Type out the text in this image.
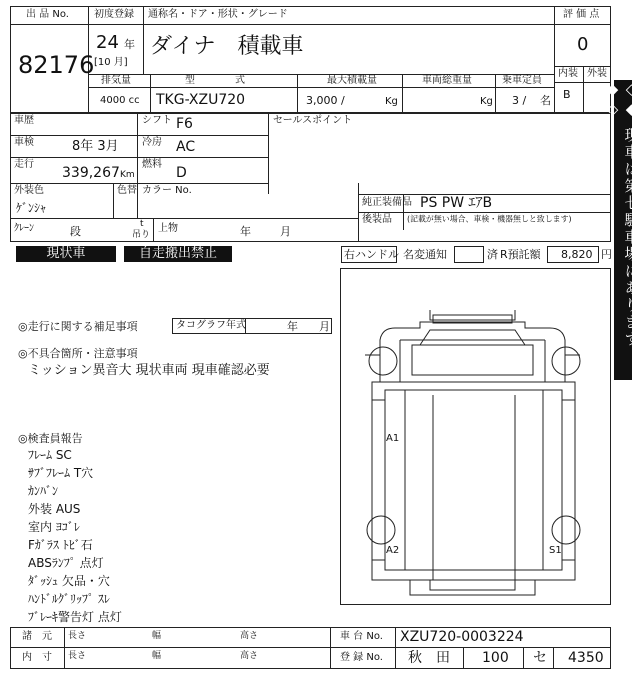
出 品 No.
82176
初度登録 通称名・ドア・形状・グレード
24 年
[10 月]
ダイナ　積載車
排気量	型　　　　式	最大積載量	車両総重量	乗車定員
4000 cc TKG-XZU720	3,000 /	Kg	Kg 3 / 名
評 価 点
0
内装 外装
B	◇◆ 現車は第七駐車場にあります ◆◇
車歴	シフト F6	セールスポイント
車検	8年 3月 冷房 AC
走行
339,267 Km
燃料
D
外装色
ｹﾞﾝｼｬ
色替 カラー No.
純正装備品 PS PW ｴｱB
後装品 (記載が無い場合、車検・機器無しと致します)
ｸﾚｰﾝ	段
t
吊り
上物	年	月
現状車	自走搬出禁止	右ハンドル 名変通知	済 R預託額 8,820 円
◎走行に関する補足事項	タコグラフ年式	年 月
◎不具合箇所・注意事項
ミッション異音大 現状車両 現車確認必要
◎検査員報告
ﾌﾚｰﾑ SC
ｻﾌﾞﾌﾚｰﾑ T穴
ｶﾝﾊﾞﾝ
外装 AUS
室内 ﾖｺﾞﾚ
Fｶﾞﾗｽ ﾄﾋﾞ石
ABSﾗﾝﾌﾟ 点灯
ﾀﾞｯｼｭ 欠品・穴
ﾊﾝﾄﾞﾙｸﾞﾘｯﾌﾟ ｽﾚ
ﾌﾞﾚｰｷ警告灯 点灯
A1
A2	S1
諸　元 長さ	幅	高さ
内　寸 長さ	幅	高さ
車 台 No. XZU720-0003224
登 録 No. 秋　田 100 セ 4350
